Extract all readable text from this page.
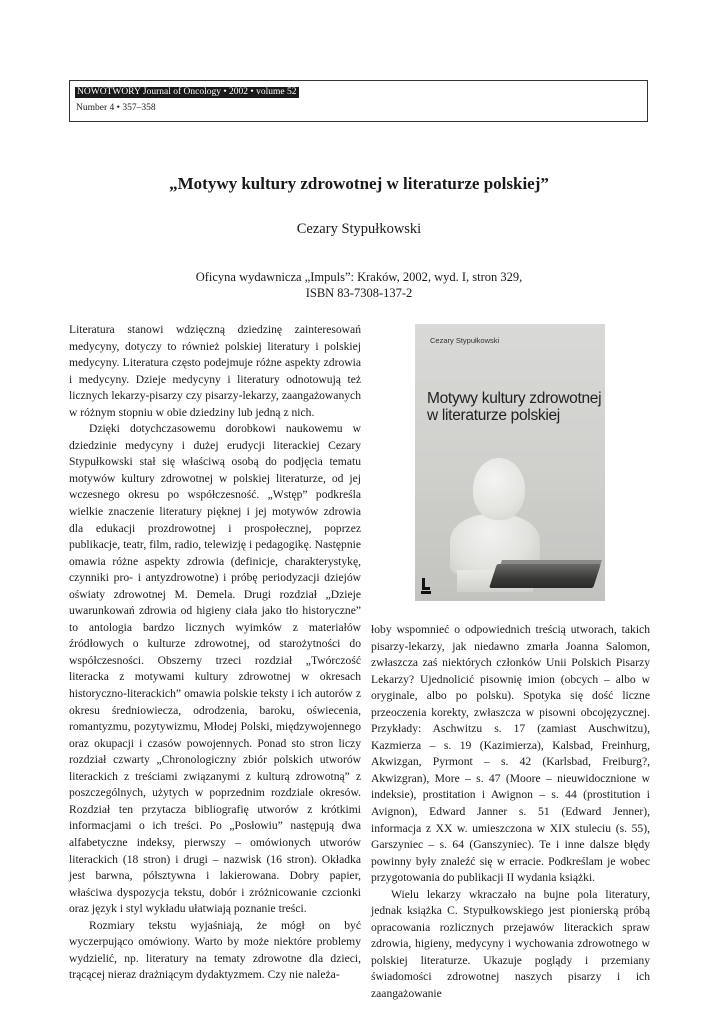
NOWOTWORY Journal of Oncology • 2002 • volume 52
Number 4 • 357–358
„Motywy kultury zdrowotnej w literaturze polskiej”
Cezary Stypułkowski
Oficyna wydawnicza „Impuls”: Kraków, 2002, wyd. I, stron 329,
ISBN 83-7308-137-2

Literatura stanowi wdzięczną dziedzinę zainteresowań medycyny, dotyczy to również polskiej literatury i polskiej medycyny. Literatura często podejmuje różne aspekty zdrowia i medycyny. Dzieje medycyny i literatury odnotowują też licznych lekarzy-pisarzy czy pisarzy-lekarzy, zaangażowanych w różnym stopniu w obie dziedziny lub jedną z nich.

Dzięki dotychczasowemu dorobkowi naukowemu w dziedzinie medycyny i dużej erudycji literackiej Cezary Stypułkowski stał się właściwą osobą do podjęcia tematu motywów kultury zdrowotnej w polskiej literaturze, od jej wczesnego okresu po współczesność. „Wstęp” podkreśla wielkie znaczenie literatury pięknej i jej motywów zdrowia dla edukacji prozdrowotnej i prospołecznej, poprzez publikacje, teatr, film, radio, telewizję i pedagogikę. Następnie omawia różne aspekty zdrowia (definicje, charakterystykę, czynniki pro- i antyzdrowotne) i próbę periodyzacji dziejów oświaty zdrowotnej M. Demela. Drugi rozdział „Dzieje uwarunkowań zdrowia od higieny ciała jako tło historyczne” to antologia bardzo licznych wyimków z materiałów źródłowych o kulturze zdrowotnej, od starożytności do współczesności. Obszerny trzeci rozdział „Twórczość literacka z motywami kultury zdrowotnej w okresach historyczno-literackich” omawia polskie teksty i ich autorów z okresu średniowiecza, odrodzenia, baroku, oświecenia, romantyzmu, pozytywizmu, Młodej Polski, międzywojennego oraz okupacji i czasów powojennych. Ponad sto stron liczy rozdział czwarty „Chronologiczny zbiór polskich utworów literackich z treściami związanymi z kulturą zdrowotną” z poszczególnych, użytych w poprzednim rozdziale okresów. Rozdział ten przytacza bibliografię utworów z krótkimi informacjami o ich treści. Po „Posłowiu” następują dwa alfabetyczne indeksy, pierwszy – omówionych utworów literackich (18 stron) i drugi – nazwisk (16 stron). Okładka jest barwna, półsztywna i lakierowana. Dobry papier, właściwa dyspozycja tekstu, dobór i zróżnicowanie czcionki oraz język i styl wykładu ułatwiają poznanie treści.

Rozmiary tekstu wyjaśniają, że mógł on być wyczerpująco omówiony. Warto by może niektóre problemy wydzielić, np. literatury na tematy zdrowotne dla dzieci, trącącej nieraz drażniącym dydaktyzmem. Czy nie należa-

Cezary Stypułkowski
Motywy kultury zdrowotnej
w literaturze polskiej

łoby wspomnieć o odpowiednich treścią utworach, takich pisarzy-lekarzy, jak niedawno zmarła Joanna Salomon, zwłaszcza zaś niektórych członków Unii Polskich Pisarzy Lekarzy? Ujednolicić pisownię imion (obcych – albo w oryginale, albo po polsku). Spotyka się dość liczne przeoczenia korekty, zwłaszcza w pisowni obcojęzycznej. Przykłady: Aschwitzu s. 17 (zamiast Auschwitzu), Kazmierza – s. 19 (Kazimierza), Kalsbad, Freinhurg, Akwizgan, Pyrmont – s. 42 (Karlsbad, Freiburg?, Akwizgran), More – s. 47 (Moore – nieuwidocznione w indeksie), prostitation i Awignon – s. 44 (prostitution i Avignon), Edward Janner s. 51 (Edward Jenner), informacja z XX w. umieszczona w XIX stuleciu (s. 55), Garszyniec – s. 64 (Ganszyniec). Te i inne dalsze błędy powinny były znaleźć się w erracie. Podkreślam je wobec przygotowania do publikacji II wydania książki.

Wielu lekarzy wkraczało na bujne pola literatury, jednak książka C. Stypułkowskiego jest pionierską próbą opracowania rozlicznych przejawów literackich spraw zdrowia, higieny, medycyny i wychowania zdrowotnego w polskiej literaturze. Ukazuje poglądy i przemiany świadomości zdrowotnej naszych pisarzy i ich zaangażowanie
